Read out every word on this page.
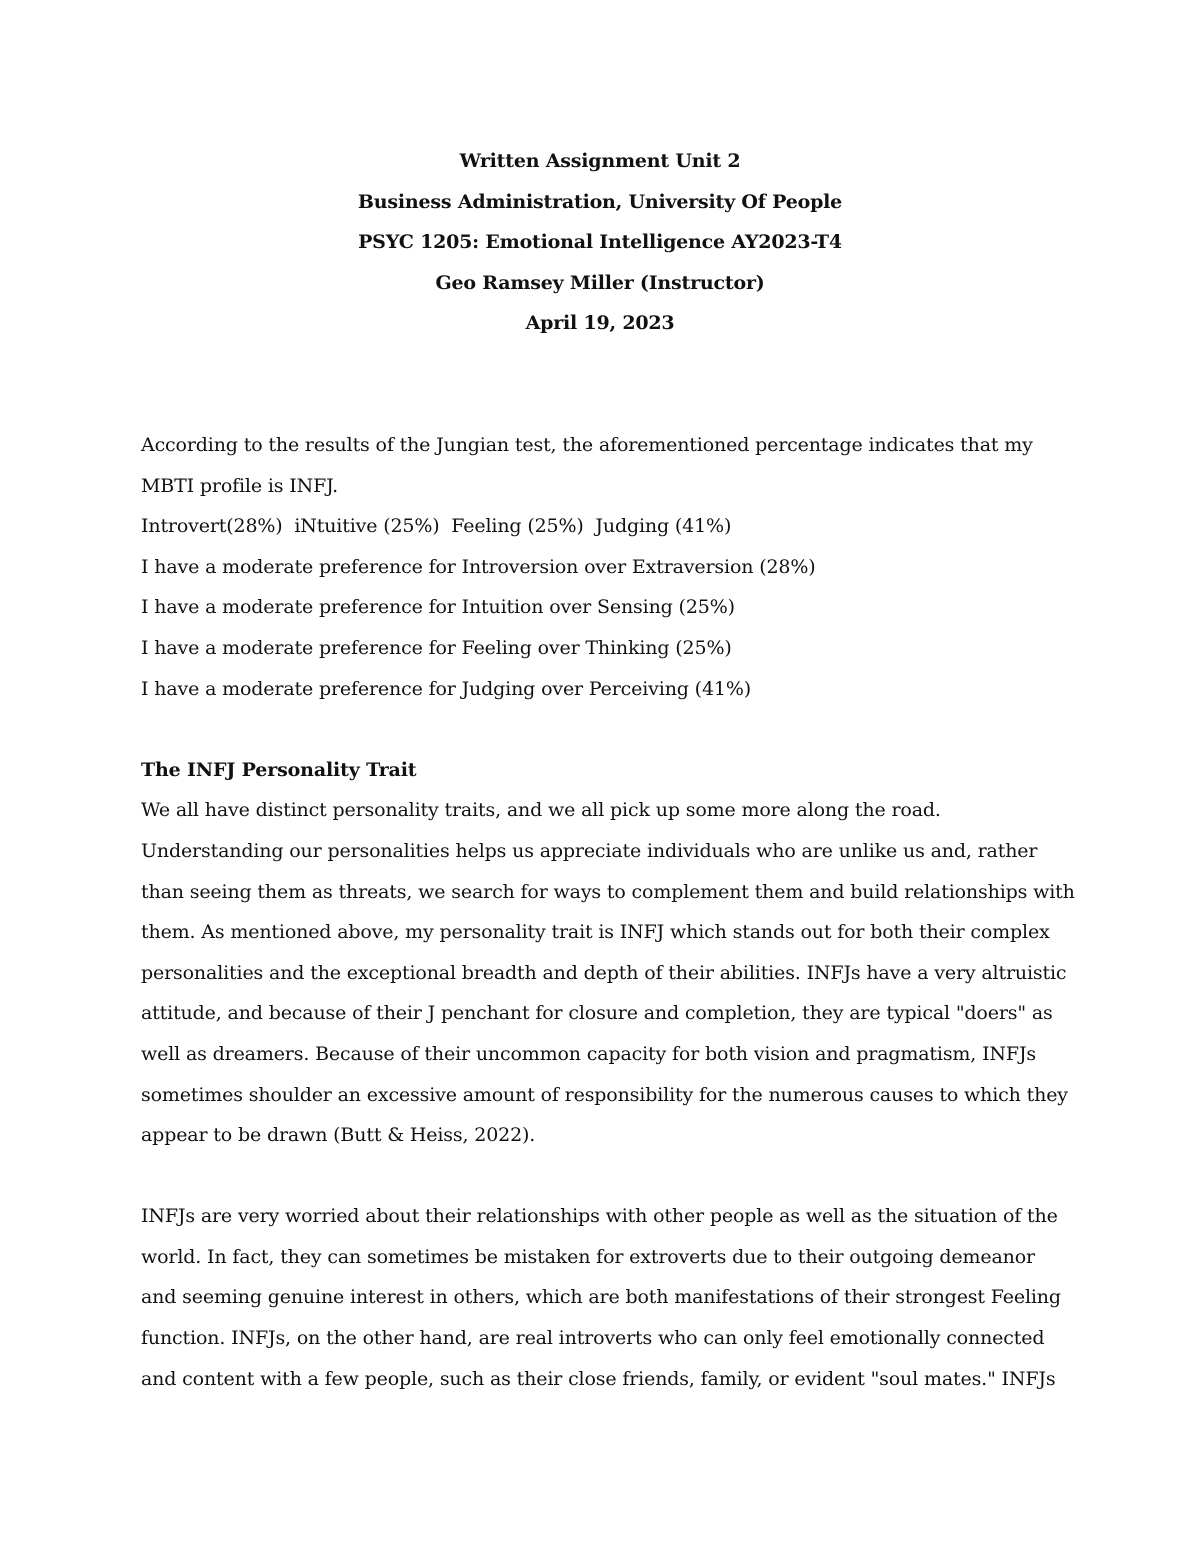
Written Assignment Unit 2
Business Administration, University Of People
PSYC 1205: Emotional Intelligence AY2023-T4
Geo Ramsey Miller (Instructor)
April 19, 2023

According to the results of the Jungian test, the aforementioned percentage indicates that my

MBTI profile is INFJ.

Introvert(28%)  iNtuitive (25%)  Feeling (25%)  Judging (41%)

I have a moderate preference for Introversion over Extraversion (28%)

I have a moderate preference for Intuition over Sensing (25%)

I have a moderate preference for Feeling over Thinking (25%)

I have a moderate preference for Judging over Perceiving (41%)

The INFJ Personality Trait

We all have distinct personality traits, and we all pick up some more along the road.

Understanding our personalities helps us appreciate individuals who are unlike us and, rather

than seeing them as threats, we search for ways to complement them and build relationships with

them. As mentioned above, my personality trait is INFJ which stands out for both their complex

personalities and the exceptional breadth and depth of their abilities. INFJs have a very altruistic

attitude, and because of their J penchant for closure and completion, they are typical "doers" as

well as dreamers. Because of their uncommon capacity for both vision and pragmatism, INFJs

sometimes shoulder an excessive amount of responsibility for the numerous causes to which they

appear to be drawn (Butt & Heiss, 2022).

INFJs are very worried about their relationships with other people as well as the situation of the

world. In fact, they can sometimes be mistaken for extroverts due to their outgoing demeanor

and seeming genuine interest in others, which are both manifestations of their strongest Feeling

function. INFJs, on the other hand, are real introverts who can only feel emotionally connected

and content with a few people, such as their close friends, family, or evident "soul mates." INFJs
